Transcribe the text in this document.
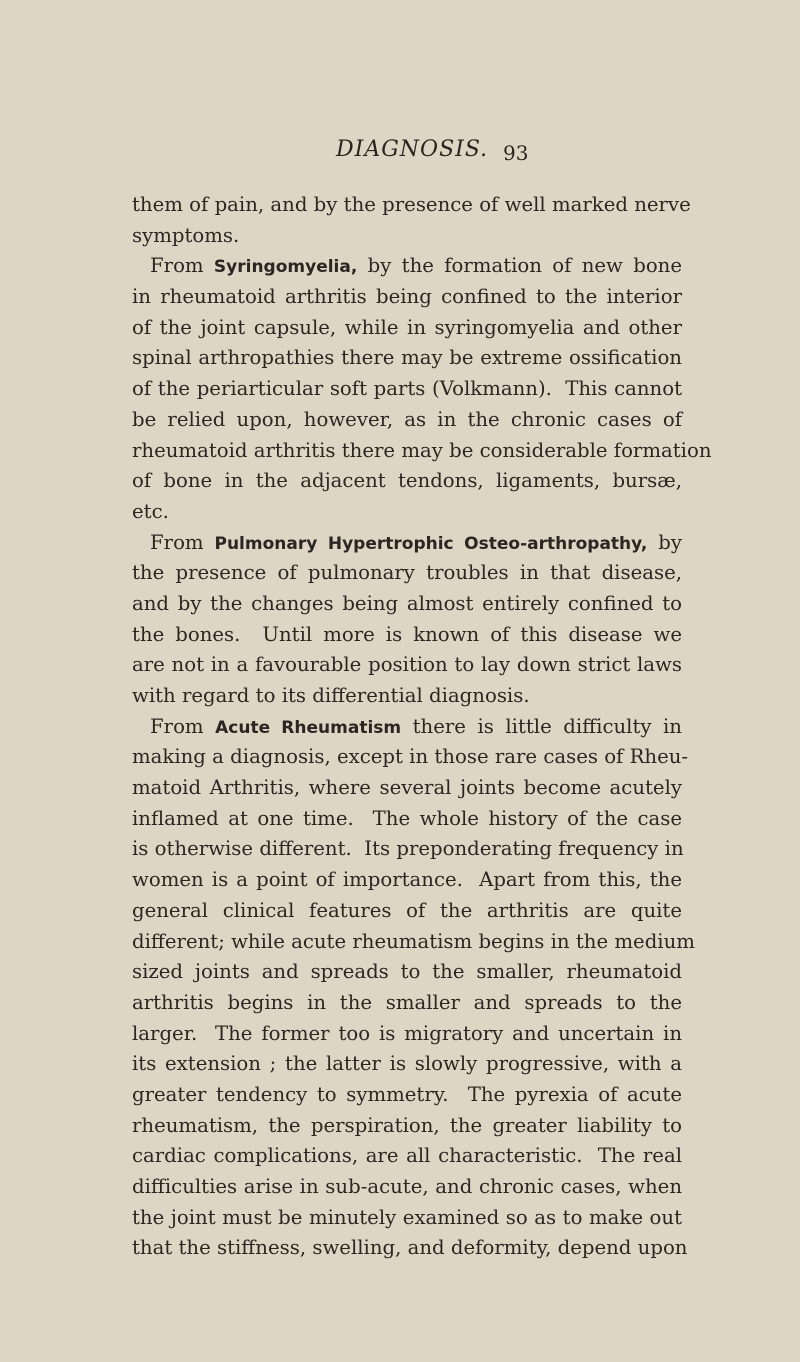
DIAGNOSIS. 93
them of pain, and by the presence of well marked nerve
symptoms.
From Syringomyelia, by the formation of new bone
in rheumatoid arthritis being confined to the interior
of the joint capsule, while in syringomyelia and other
spinal arthropathies there may be extreme ossification
of the periarticular soft parts (Volkmann).  This cannot
be relied upon, however, as in the chronic cases of
rheumatoid arthritis there may be considerable formation
of bone in the adjacent tendons, ligaments, bursæ,
etc.
From Pulmonary Hypertrophic Osteo-arthropathy, by
the presence of pulmonary troubles in that disease,
and by the changes being almost entirely confined to
the bones.  Until more is known of this disease we
are not in a favourable position to lay down strict laws
with regard to its differential diagnosis.
From Acute Rheumatism there is little difficulty in
making a diagnosis, except in those rare cases of Rheu-
matoid Arthritis, where several joints become acutely
inflamed at one time.  The whole history of the case
is otherwise different.  Its preponderating frequency in
women is a point of importance.  Apart from this, the
general clinical features of the arthritis are quite
different; while acute rheumatism begins in the medium
sized joints and spreads to the smaller, rheumatoid
arthritis begins in the smaller and spreads to the
larger.  The former too is migratory and uncertain in
its extension ; the latter is slowly progressive, with a
greater tendency to symmetry.  The pyrexia of acute
rheumatism, the perspiration, the greater liability to
cardiac complications, are all characteristic.  The real
difficulties arise in sub-acute, and chronic cases, when
the joint must be minutely examined so as to make out
that the stiffness, swelling, and deformity, depend upon
